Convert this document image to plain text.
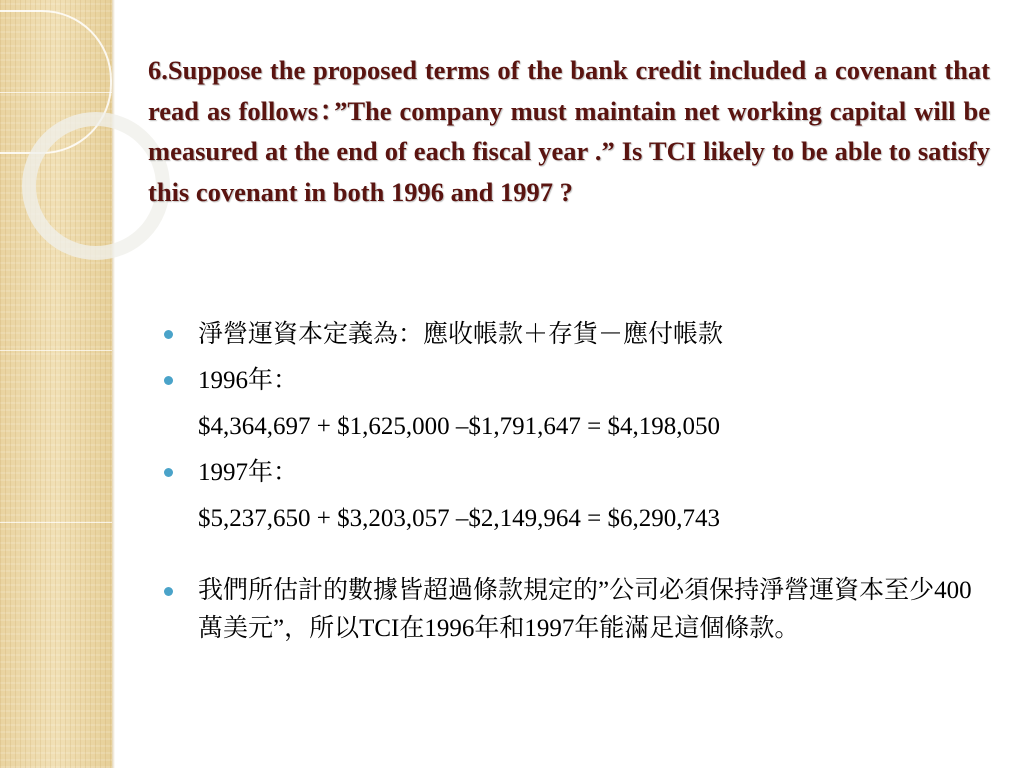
6.Suppose the proposed terms of the bank credit included a covenant that read as follows：”The company must maintain net working capital will be measured at the end of each fiscal year .” Is TCI likely to be able to satisfy this covenant in both 1996 and 1997 ?
淨營運資本定義為：應收帳款＋存貨－應付帳款
1996年：
$4,364,697 + $1,625,000 –$1,791,647 = $4,198,050
1997年：
$5,237,650 + $3,203,057 –$2,149,964 = $6,290,743
我們所估計的數據皆超過條款規定的”公司必須保持淨營運資本至少400萬美元”，所以TCI在1996年和1997年能滿足這個條款。
